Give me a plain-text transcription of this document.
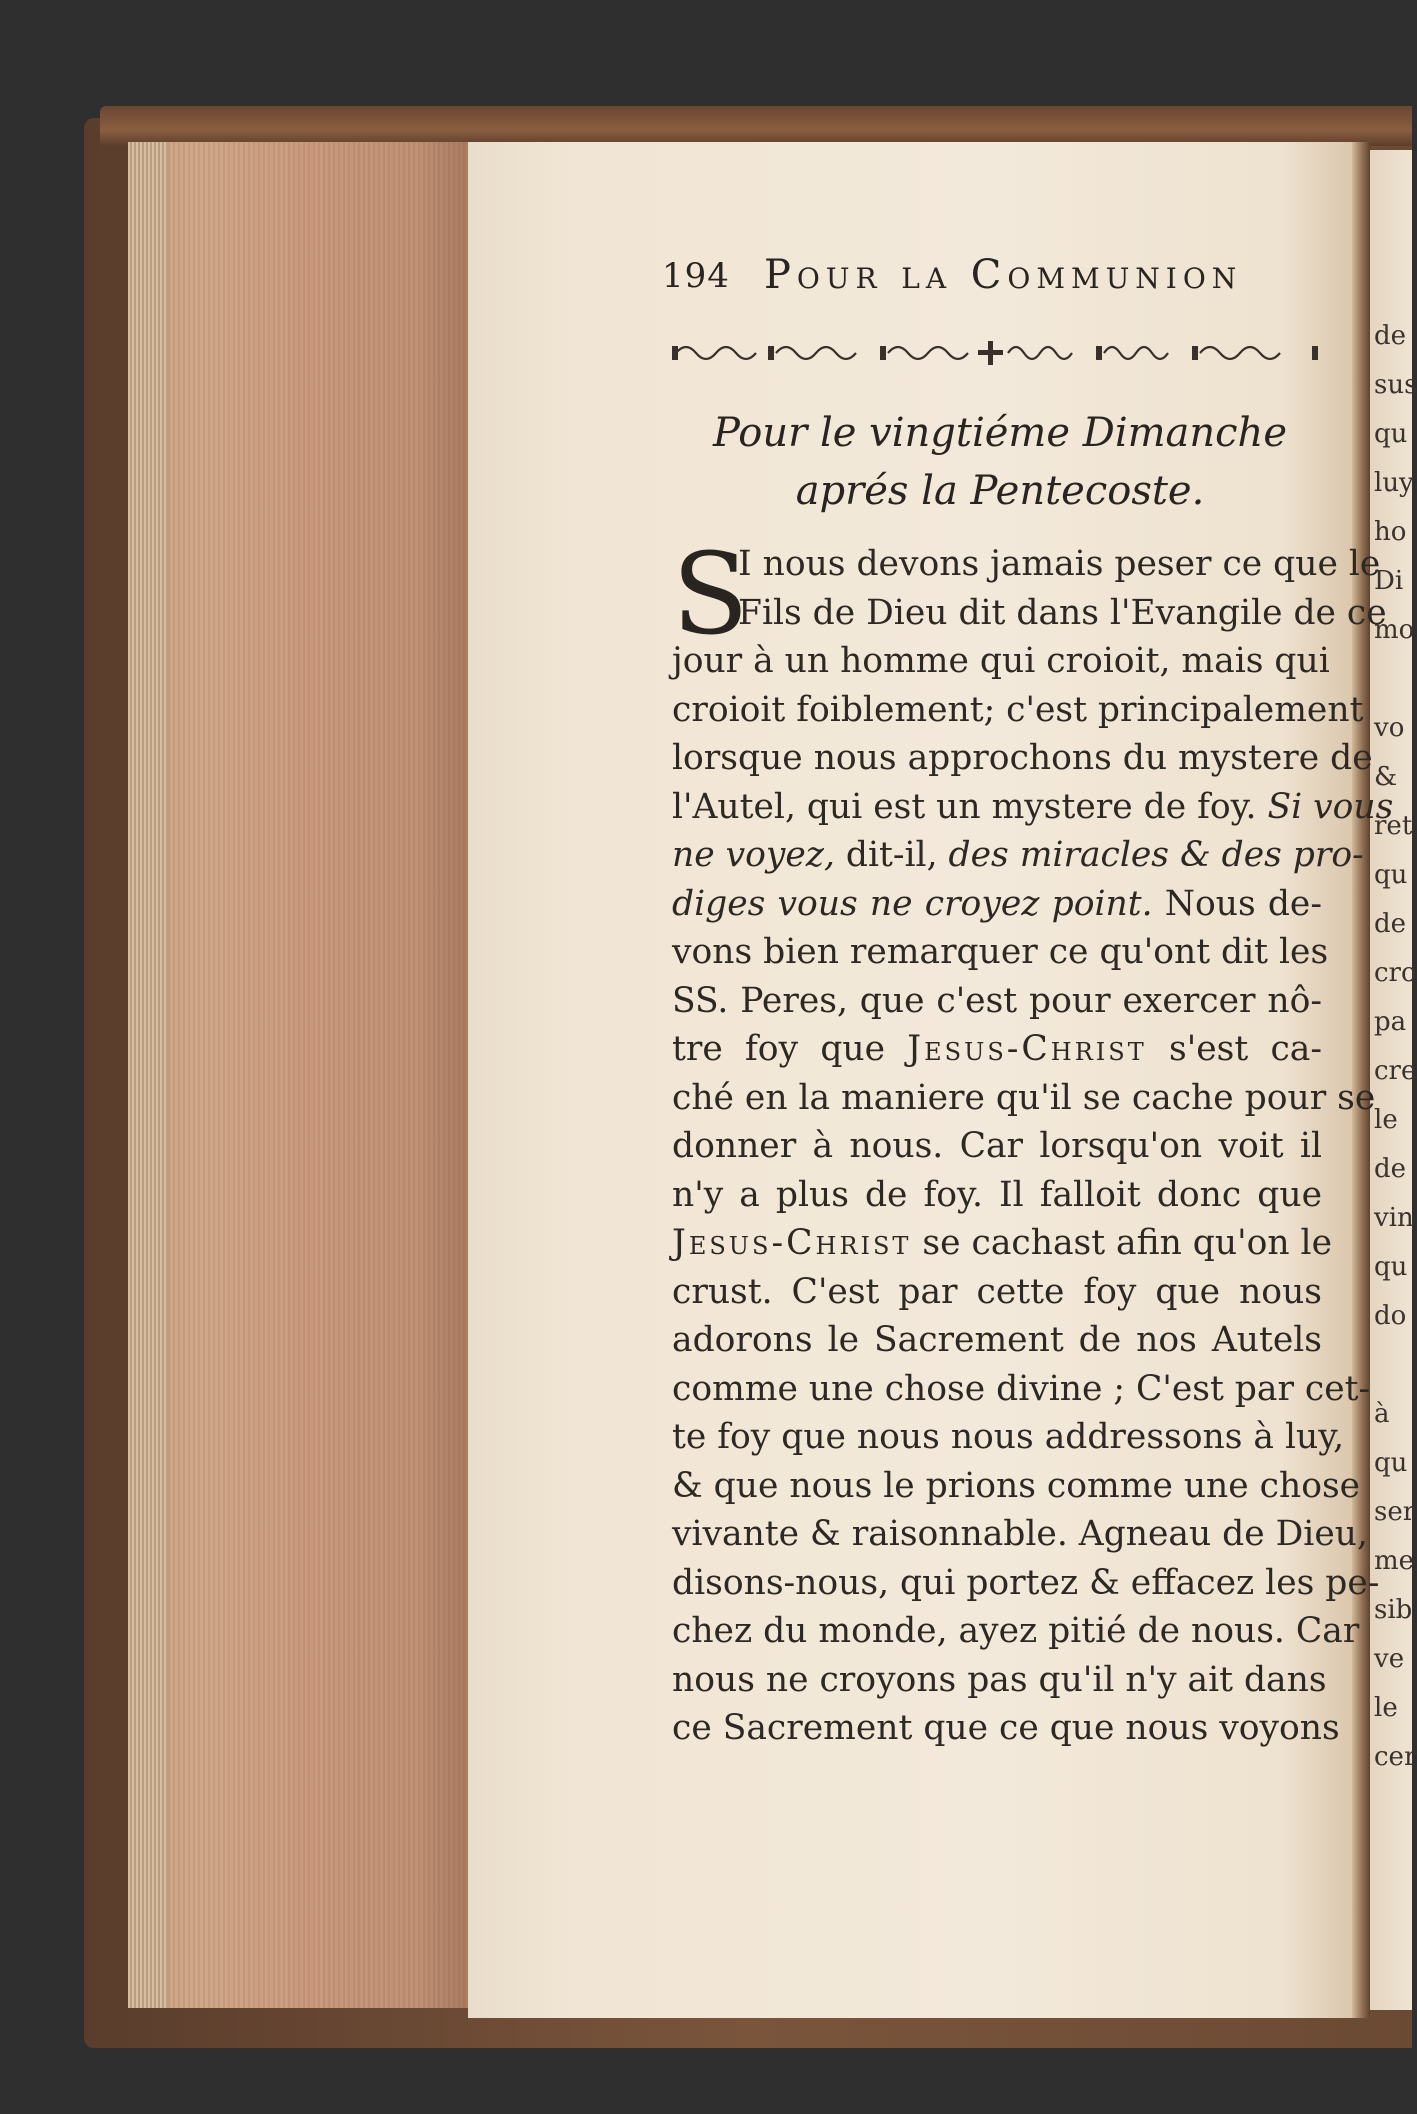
194 Pour la Communion
Pour le vingtiéme Dimanche
aprés la Pentecoste.
S
I nous devons jamais peser ce que le
Fils de Dieu dit dans l'Evangile de ce
jour à un homme qui croioit, mais qui
croioit foiblement; c'est principalement
lorsque nous approchons du mystere de
l'Autel, qui est un mystere de foy. Si vous
ne voyez, dit-il, des miracles & des pro-
diges vous ne croyez point. Nous de-
vons bien remarquer ce qu'ont dit les
SS. Peres, que c'est pour exercer nô-
tre foy que Jesus-Christ s'est ca-
ché en la maniere qu'il se cache pour se
donner à nous. Car lorsqu'on voit il
n'y a plus de foy. Il falloit donc que
Jesus-Christ se cachast afin qu'on le
crust. C'est par cette foy que nous
adorons le Sacrement de nos Autels
comme une chose divine ; C'est par cet-
te foy que nous nous addressons à luy,
& que nous le prions comme une chose
vivante & raisonnable. Agneau de Dieu,
disons-nous, qui portez & effacez les pe-
chez du monde, ayez pitié de nous. Car
nous ne croyons pas qu'il n'y ait dans
ce Sacrement que ce que nous voyons
de
sus
qu
luy
ho
Di
mo
vo
&
ret
qu
de
cro
pa
cre
le
de
vin
qu
do
à
qu
ser
me
sib
ve
le
cer
